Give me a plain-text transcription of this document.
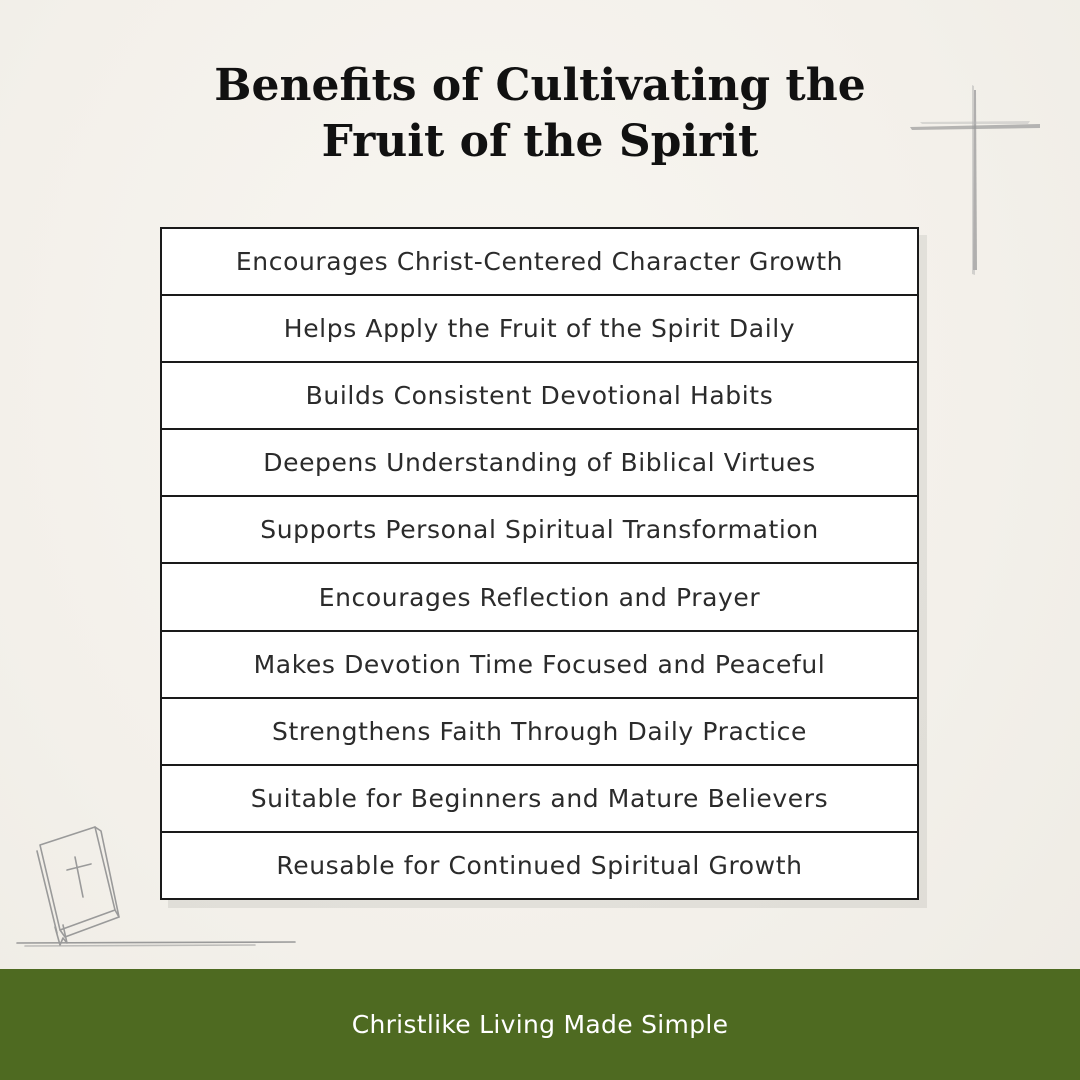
Benefits of Cultivating the
Fruit of the Spirit
Encourages Christ-Centered Character Growth
Helps Apply the Fruit of the Spirit Daily
Builds Consistent Devotional Habits
Deepens Understanding of Biblical Virtues
Supports Personal Spiritual Transformation
Encourages Reflection and Prayer
Makes Devotion Time Focused and Peaceful
Strengthens Faith Through Daily Practice
Suitable for Beginners and Mature Believers
Reusable for Continued Spiritual Growth
Christlike Living Made Simple
